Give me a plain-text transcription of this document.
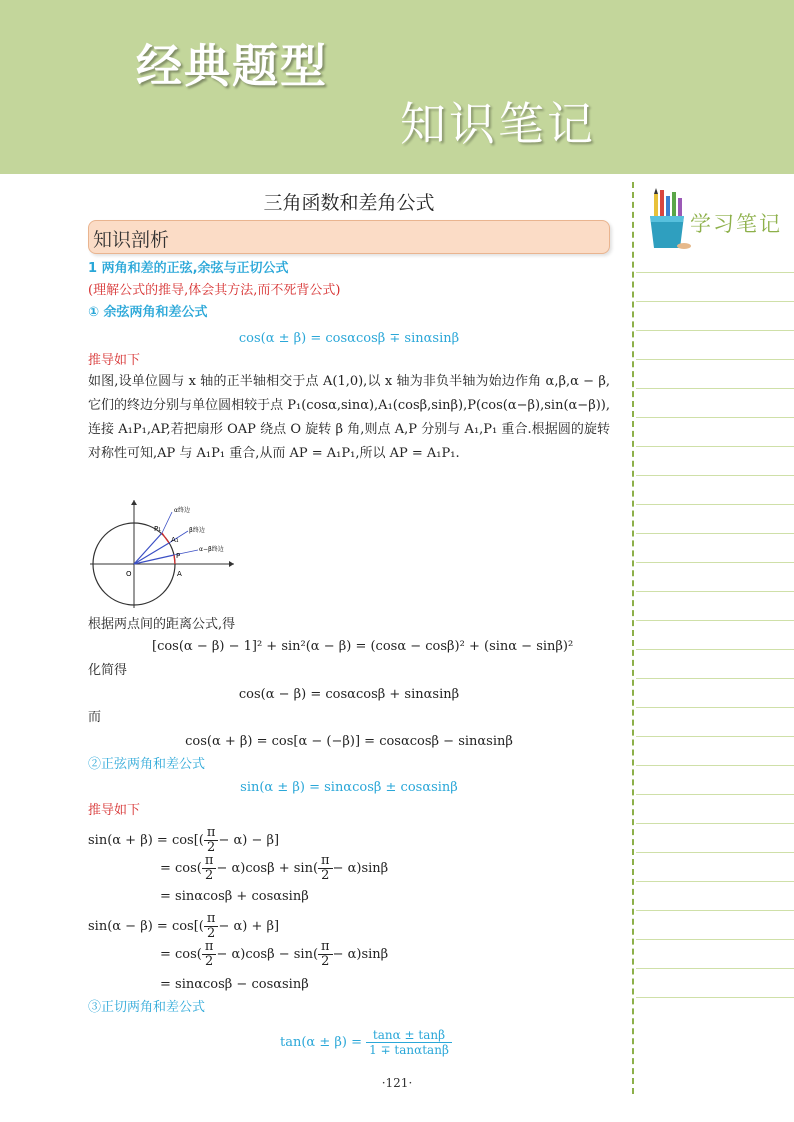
经典题型
知识笔记
学习笔记
三角函数和差角公式
知识剖析
1 两角和差的正弦,余弦与正切公式
(理解公式的推导,体会其方法,而不死背公式)
① 余弦两角和差公式
cos(α ± β) = cosαcosβ ∓ sinαsinβ
推导如下
如图,设单位圆与 x 轴的正半轴相交于点 A(1,0),以 x 轴为非负半轴为始边作角 α,β,α − β,它们的终边分别与单位圆相较于点 P₁(cosα,sinα),A₁(cosβ,sinβ),P(cos(α−β),sin(α−β)),连接 A₁P₁,AP,若把扇形 OAP 绕点 O 旋转 β 角,则点 A,P 分别与 A₁,P₁ 重合.根据圆的旋转对称性可知,AP 与 A₁P₁ 重合,从而 AP = A₁P₁,所以 AP = A₁P₁.
O	A
P₁
A₁
P
α终边
β终边
α−β终边
根据两点间的距离公式,得
[cos(α − β) − 1]² + sin²(α − β) = (cosα − cosβ)² + (sinα − sinβ)²
化简得
cos(α − β) = cosαcosβ + sinαsinβ
而
cos(α + β) = cos[α − (−β)] = cosαcosβ − sinαsinβ
②正弦两角和差公式
sin(α ± β) = sinαcosβ ± cosαsinβ
推导如下
$\sin(\alpha + \beta) = \cos[( \frac{\pi}{2} - \alpha) - \beta]$
= $\cos( \frac{\pi}{2} - \alpha)\cos\beta + \sin( \frac{\pi}{2} - \alpha)\sin\beta$
= sinαcosβ + cosαsinβ
$\sin(\alpha - \beta) = \cos[( \frac{\pi}{2} - \alpha) + \beta]$
= $\cos( \frac{\pi}{2} - \alpha)\cos\beta - \sin( \frac{\pi}{2} - \alpha)\sin\beta$
= sinαcosβ − cosαsinβ
③正切两角和差公式
$\tan(\alpha \pm \beta) = \frac{\tan\alpha \pm \tan\beta}{1 \mp \tan\alpha\tan\beta}$
·121·
